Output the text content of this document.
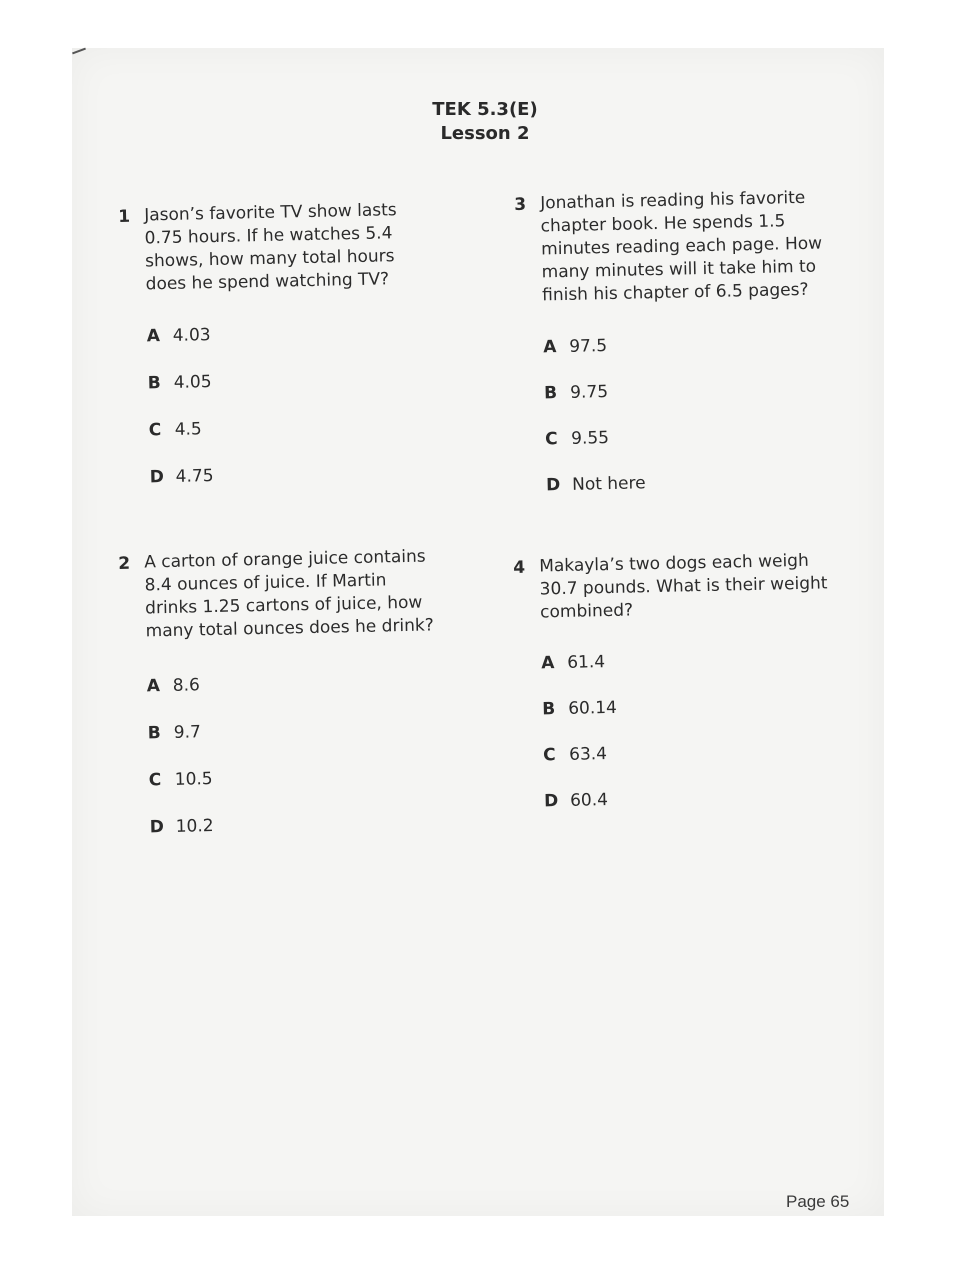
TEK 5.3(E)
Lesson 2
1 Jason’s favorite TV show lasts
0.75 hours. If he watches 5.4
shows, how many total hours
does he spend watching TV?
A 4.03
B 4.05
C 4.5
D 4.75
2 A carton of orange juice contains
8.4 ounces of juice. If Martin
drinks 1.25 cartons of juice, how
many total ounces does he drink?
A 8.6
B 9.7
C 10.5
D 10.2
3 Jonathan is reading his favorite
chapter book. He spends 1.5
minutes reading each page. How
many minutes will it take him to
finish his chapter of 6.5 pages?
A 97.5
B 9.75
C 9.55
D Not here
4 Makayla’s two dogs each weigh
30.7 pounds. What is their weight
combined?
A 61.4
B 60.14
C 63.4
D 60.4
Page 65
